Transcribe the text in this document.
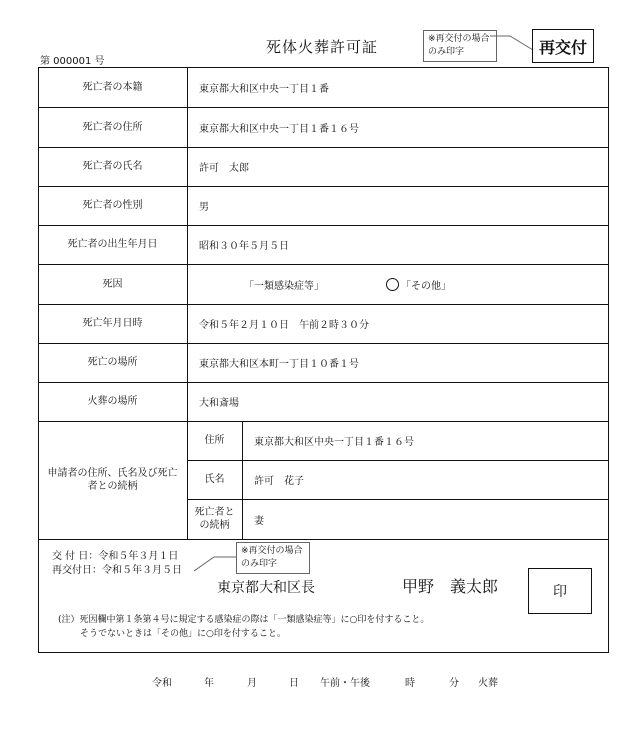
死体火葬許可証
第 000001 号
※再交付の場合のみ印字	再交付
死亡者の本籍	東京都大和区中央一丁目１番
死亡者の住所	東京都大和区中央一丁目１番１６号
死亡者の氏名	許可　太郎
死亡者の性別	男
死亡者の出生年月日	昭和３０年５月５日
死因	「一類感染症等」	「その他」
死亡年月日時	令和５年２月１０日　午前２時３０分
死亡の場所	東京都大和区本町一丁目１０番１号
火葬の場所	大和斎場
申請者の住所、氏名及び死亡者との続柄
住所	東京都大和区中央一丁目１番１６号
氏名	許可　花子
死亡者との続柄	妻
交 付 日：令和５年３月１日
再交付日：令和５年３月５日
※再交付の場合のみ印字
東京都大和区長	甲野　義太郎	印
(注）死因欄中第１条第４号に規定する感染症の際は「一類感染症等」に○印を付すること。
そうでないときは「その他」に○印を付すること。
令和	年	月	日 午前・午後	時	分 火葬
